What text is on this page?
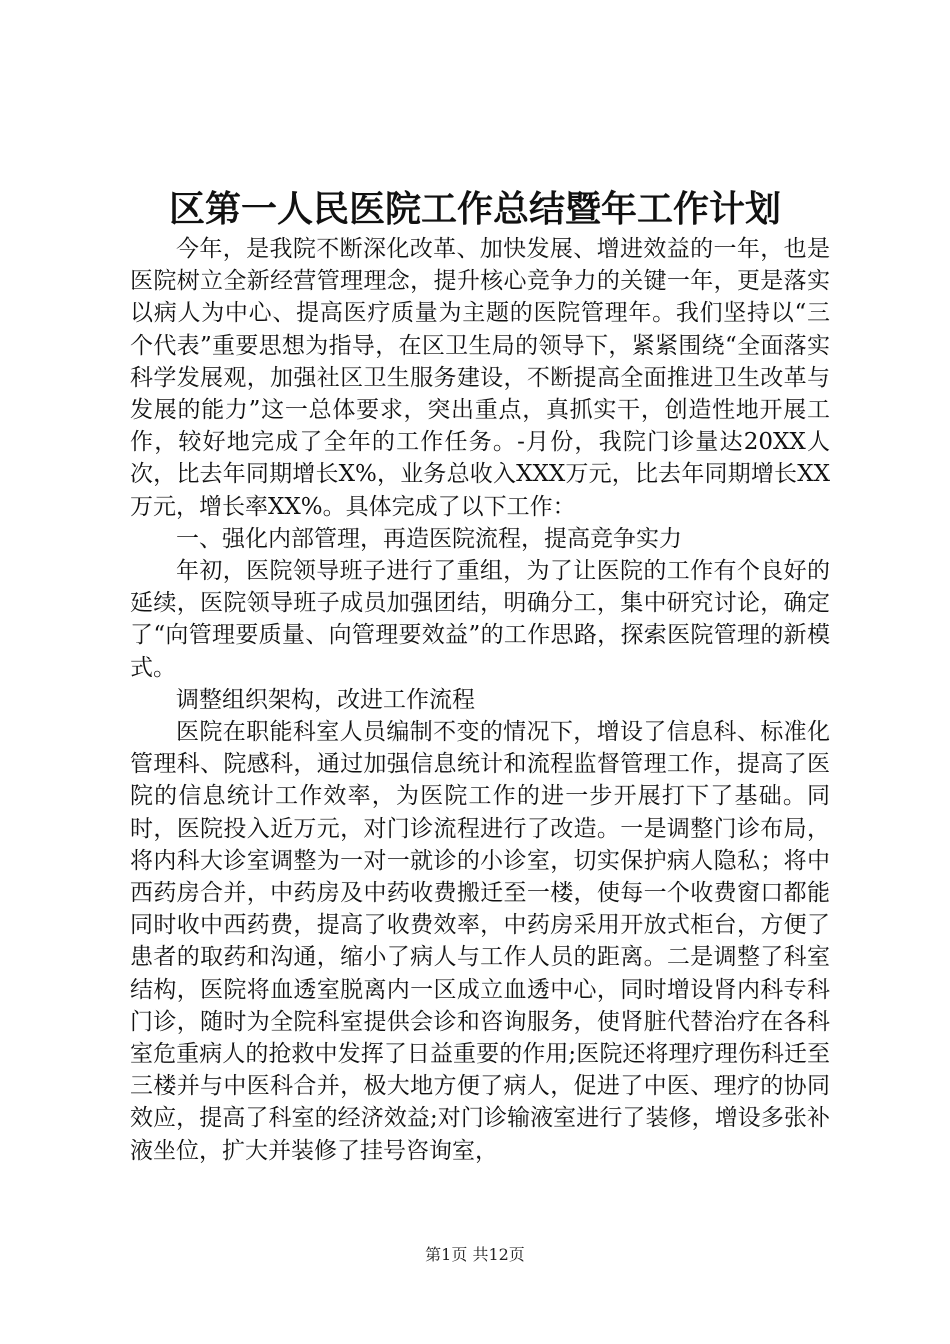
区第一人民医院工作总结暨年工作计划

今年，是我院不断深化改革、加快发展、增进效益的一年，也是医院树立全新经营管理理念，提升核心竞争力的关键一年，更是落实以病人为中心、提高医疗质量为主题的医院管理年。我们坚持以“三个代表”重要思想为指导，在区卫生局的领导下，紧紧围绕“全面落实科学发展观，加强社区卫生服务建设，不断提高全面推进卫生改革与发展的能力”这一总体要求，突出重点，真抓实干，创造性地开展工作，较好地完成了全年的工作任务。-月份，我院门诊量达20XX人次，比去年同期增长X%，业务总收入XXX万元，比去年同期增长XX万元，增长率XX%。具体完成了以下工作：

一、强化内部管理，再造医院流程，提高竞争实力

年初，医院领导班子进行了重组，为了让医院的工作有个良好的延续，医院领导班子成员加强团结，明确分工，集中研究讨论，确定了“向管理要质量、向管理要效益”的工作思路，探索医院管理的新模式。

调整组织架构，改进工作流程

医院在职能科室人员编制不变的情况下，增设了信息科、标准化管理科、院感科，通过加强信息统计和流程监督管理工作，提高了医院的信息统计工作效率，为医院工作的进一步开展打下了基础。同时，医院投入近万元，对门诊流程进行了改造。一是调整门诊布局，将内科大诊室调整为一对一就诊的小诊室，切实保护病人隐私；将中西药房合并，中药房及中药收费搬迁至一楼，使每一个收费窗口都能同时收中西药费，提高了收费效率，中药房采用开放式柜台，方便了患者的取药和沟通，缩小了病人与工作人员的距离。二是调整了科室结构，医院将血透室脱离内一区成立血透中心，同时增设肾内科专科门诊，随时为全院科室提供会诊和咨询服务，使肾脏代替治疗在各科室危重病人的抢救中发挥了日益重要的作用;医院还将理疗理伤科迁至三楼并与中医科合并，极大地方便了病人，促进了中医、理疗的协同效应，提高了科室的经济效益;对门诊输液室进行了装修，增设多张补液坐位，扩大并装修了挂号咨询室，

第1页 共12页
